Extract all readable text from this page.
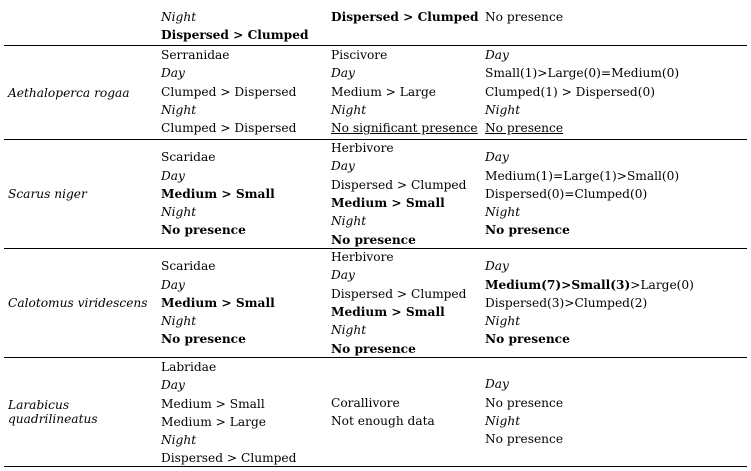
Night
Dispersed > Clumped
Dispersed > Clumped No presence
Aethaloperca rogaa
Serranidae
Day
Clumped > Dispersed
Night
Clumped > Dispersed
Piscivore
Day
Medium > Large
Night
No significant presence
Day
Small(1)>Large(0)=Medium(0)
Clumped(1) > Dispersed(0)
Night
No presence
Scarus niger
Scaridae
Day
Medium > Small
Night
No presence
Herbivore
Day
Dispersed > Clumped
Medium > Small
Night
No presence
Day
Medium(1)=Large(1)>Small(0)
Dispersed(0)=Clumped(0)
Night
No presence
Calotomus viridescens
Scaridae
Day
Medium > Small
Night
No presence
Herbivore
Day
Dispersed > Clumped
Medium > Small
Night
No presence
Day
Medium(7)>Small(3)>Large(0)
Dispersed(3)>Clumped(2)
Night
No presence
Larabicus quadrilineatus
Labridae
Day
Medium > Small
Medium > Large
Night
Dispersed > Clumped
Corallivore
Not enough data
Day
No presence
Night
No presence
